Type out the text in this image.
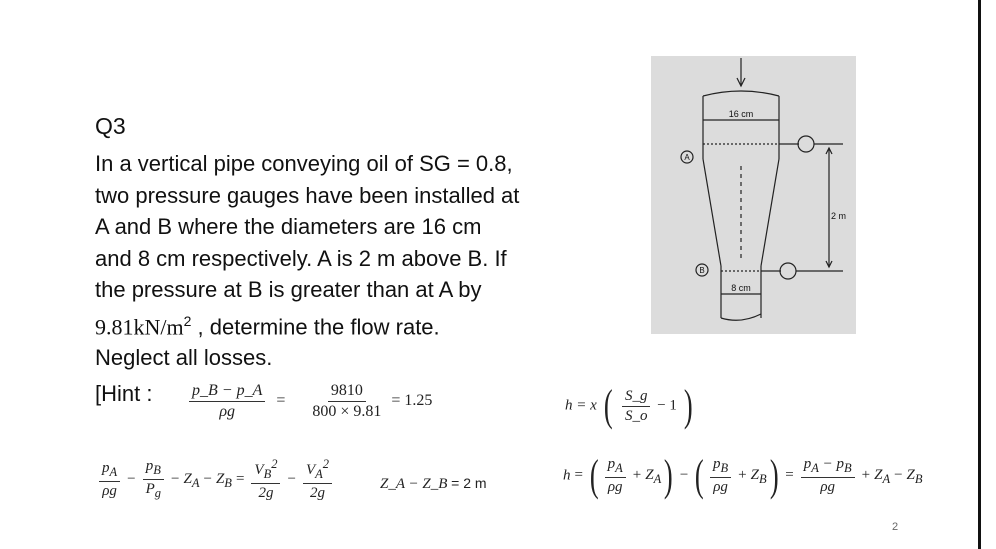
Q3
In a vertical pipe conveying oil of SG = 0.8,
two pressure gauges have been installed at
A and B where the diameters are 16 cm
and 8 cm respectively. A is 2 m above B. If
the pressure at B is greater than at A by
$9.81kN/m^2$ , determine the flow rate.
Neglect all losses.
[Hint : $\frac{p\_B - p\_A}{\rho g} = \frac{9810}{800 \times 9.81} = 1.25$	h = x ( $\frac{S\_g}{S\_o} - 1$ )
$\frac{p_A}{\rho g} - \frac{p_B}{P_g} - Z_A - Z_B = \frac{V_B^2}{2g} - \frac{V_A^2}{2g}$	Z_A − Z_B = 2 m	h = ( $\frac{p_A}{\rho g} + Z_A$) − ( $\frac{p_B}{\rho g} + Z_B) = \frac{p_A - p_B}{\rho g} + Z_A - Z_B$
16 cm
8 cm
2 m
A
B
2
